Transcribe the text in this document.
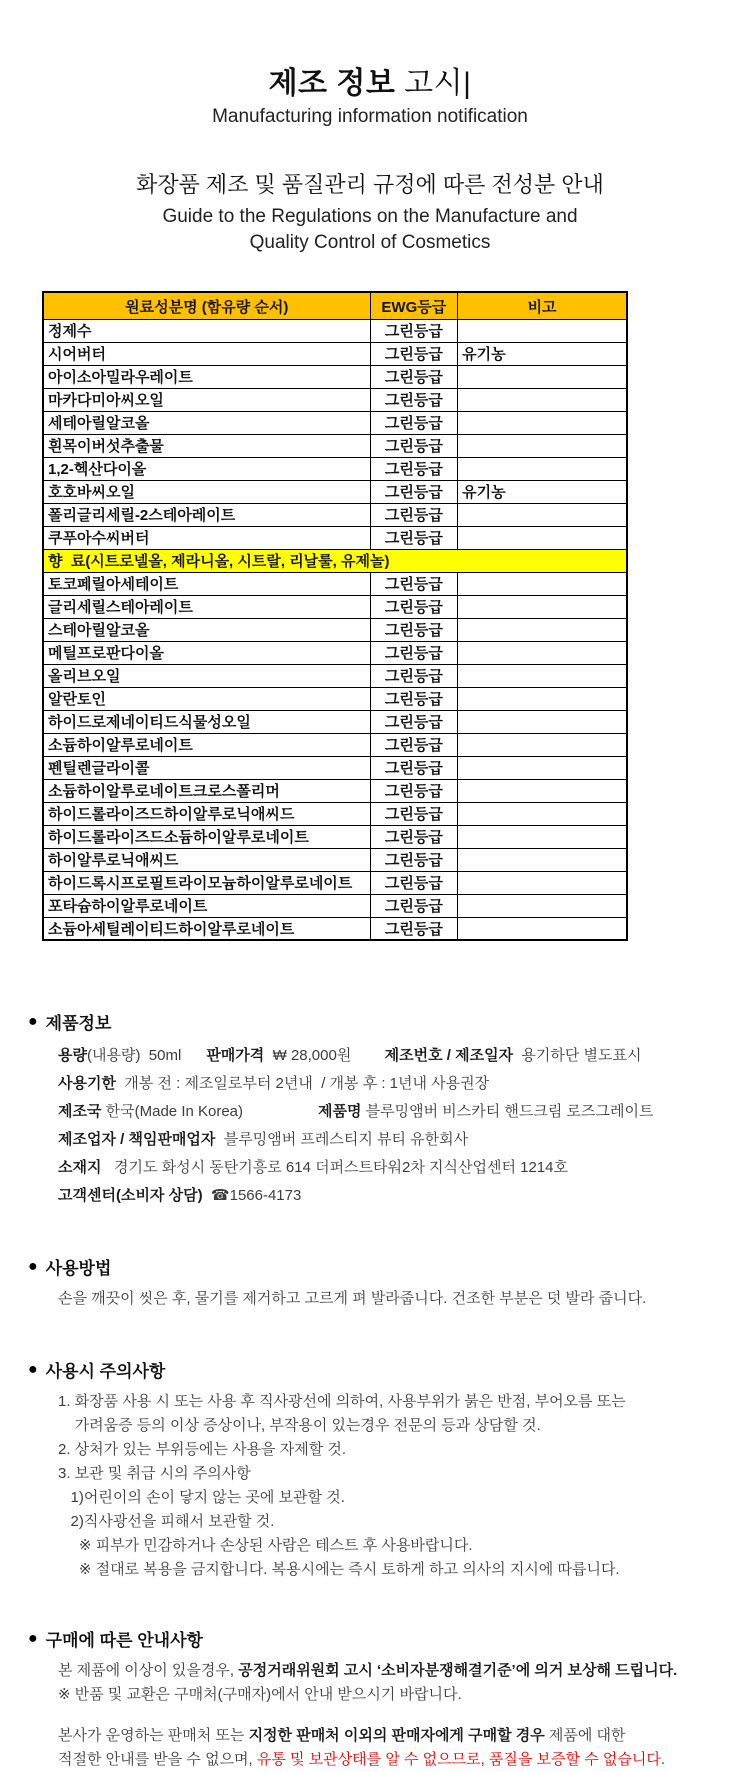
제조 정보 고시|
Manufacturing information notification
화장품 제조 및 품질관리 규정에 따른 전성분 안내
Guide to the Regulations on the Manufacture and
Quality Control of Cosmetics
원료성분명 (함유량 순서)	EWG등급	비고
정제수	그린등급	
시어버터	그린등급	유기농
아이소아밀라우레이트	그린등급	
마카다미아씨오일	그린등급	
세테아릴알코올	그린등급	
흰목이버섯추출물	그린등급	
1,2-헥산다이올	그린등급	
호호바씨오일	그린등급	유기농
폴리글리세릴-2스테아레이트	그린등급	
쿠푸아수씨버터	그린등급	
향  료(시트로넬올, 제라니올, 시트랄, 리날룰, 유제놀)		
토코페릴아세테이트	그린등급	
글리세릴스테아레이트	그린등급	
스테아릴알코올	그린등급	
메틸프로판다이올	그린등급	
올리브오일	그린등급	
알란토인	그린등급	
하이드로제네이티드식물성오일	그린등급	
소듐하이알루로네이트	그린등급	
펜틸렌글라이콜	그린등급	
소듐하이알루로네이트크로스폴리머	그린등급	
하이드롤라이즈드하이알루로닉애씨드	그린등급	
하이드롤라이즈드소듐하이알루로네이트	그린등급	
하이알루로닉애씨드	그린등급	
하이드록시프로필트라이모늄하이알루로네이트	그린등급	
포타슘하이알루로네이트	그린등급	
소듐아세틸레이티드하이알루로네이트	그린등급	
● 제품정보
용량(내용량)  50ml      판매가격  ₩ 28,000원        제조번호 / 제조일자  용기하단 별도표시
사용기한  개봉 전 : 제조일로부터 2년내  / 개봉 후 : 1년내 사용권장
제조국 한국(Made In Korea)                  제품명 블루밍앰버 비스카티 핸드크림 로즈그레이트
제조업자 / 책임판매업자  블루밍앰버 프레스티지 뷰티 유한회사
소재지   경기도 화성시 동탄기흥로 614 더퍼스트타워2차 지식산업센터 1214호
고객센터(소비자 상담)  ☎1566-4173
● 사용방법
손을 깨끗이 씻은 후, 물기를 제거하고 고르게 펴 발라줍니다. 건조한 부분은 덧 발라 줍니다.
● 사용시 주의사항
1. 화장품 사용 시 또는 사용 후 직사광선에 의하여, 사용부위가 붉은 반점, 부어오름 또는
가려움증 등의 이상 증상이나, 부작용이 있는경우 전문의 등과 상담할 것.
2. 상처가 있는 부위등에는 사용을 자제할 것.
3. 보관 및 취급 시의 주의사항
1)어린이의 손이 닿지 않는 곳에 보관할 것.
2)직사광선을 피해서 보관할 것.
※ 피부가 민감하거나 손상된 사람은 테스트 후 사용바랍니다.
※ 절대로 복용을 금지합니다. 복용시에는 즉시 토하게 하고 의사의 지시에 따릅니다.
● 구매에 따른 안내사항
본 제품에 이상이 있을경우, 공정거래위원회 고시 ‘소비자분쟁해결기준’에 의거 보상해 드립니다.
※ 반품 및 교환은 구매처(구매자)에서 안내 받으시기 바랍니다.
본사가 운영하는 판매처 또는 지정한 판매처 이외의 판매자에게 구매할 경우 제품에 대한
적절한 안내를 받을 수 없으며, 유통 및 보관상태를 알 수 없으므로, 품질을 보증할 수 없습니다.
